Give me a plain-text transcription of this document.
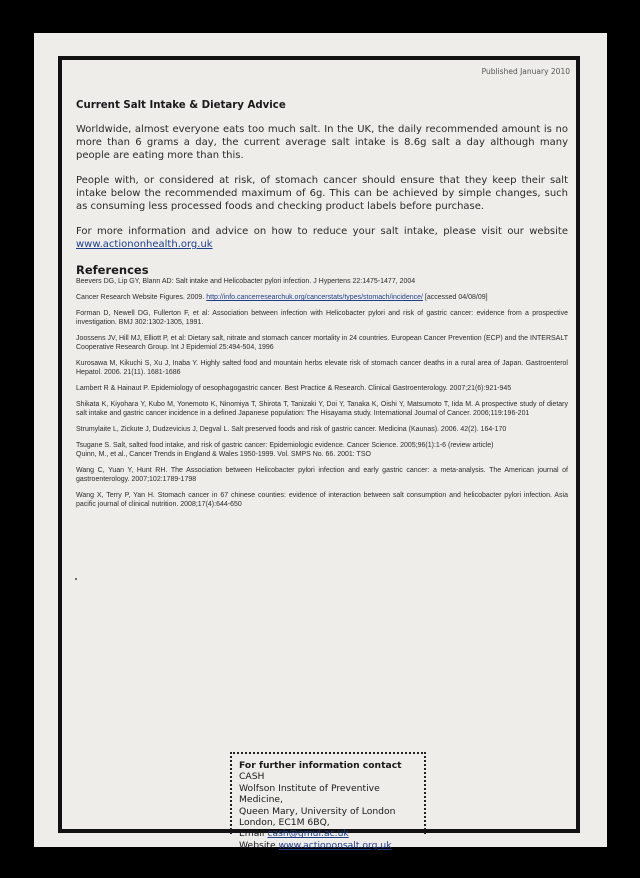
Published January 2010
Current Salt Intake & Dietary Advice

Worldwide, almost everyone eats too much salt. In the UK, the daily recommended amount is no more than 6 grams a day, the current average salt intake is 8.6g salt a day although many people are eating more than this.

People with, or considered at risk, of stomach cancer should ensure that they keep their salt intake below the recommended maximum of 6g. This can be achieved by simple changes, such as consuming less processed foods and checking product labels before purchase.

For more information and advice on how to reduce your salt intake, please visit our website www.actiononhealth.org.uk

References

Beevers DG, Lip GY, Blann AD: Salt intake and Helicobacter pylori infection. J Hypertens 22:1475-1477, 2004

Cancer Research Website Figures. 2009. http://info.cancerresearchuk.org/cancerstats/types/stomach/incidence/ [accessed 04/08/09]

Forman D, Newell DG, Fullerton F, et al: Association between infection with Helicobacter pylori and risk of gastric cancer: evidence from a prospective investigation. BMJ 302:1302-1305, 1991.

Joossens JV, Hill MJ, Elliott P, et al: Dietary salt, nitrate and stomach cancer mortality in 24 countries. European Cancer Prevention (ECP) and the INTERSALT Cooperative Research Group. Int J Epidemiol 25:494-504, 1996

Kurosawa M, Kikuchi S, Xu J, Inaba Y. Highly salted food and mountain herbs elevate risk of stomach cancer deaths in a rural area of Japan. Gastroenterol Hepatol. 2006. 21(11). 1681-1686

Lambert R & Hainaut P. Epidemiology of oesophagogastric cancer. Best Practice & Research. Clinical Gastroenterology. 2007;21(6):921-945

Shikata K, Kiyohara Y, Kubo M, Yonemoto K, Ninomiya T, Shirota T, Tanizaki Y, Doi Y, Tanaka K, Oishi Y, Matsumoto T, Iida M. A prospective study of dietary salt intake and gastric cancer incidence in a defined Japanese population: The Hisayama study. International Journal of Cancer. 2006;119:196-201

Strumylaite L, Zickute J, Dudzevicius J, Degval L. Salt preserved foods and risk of gastric cancer. Medicina (Kaunas). 2006. 42(2). 164-170

Tsugane S. Salt, salted food intake, and risk of gastric cancer: Epidemiologic evidence. Cancer Science. 2005;96(1):1-6 (review article)
Quinn, M., et al., Cancer Trends in England & Wales 1950-1999. Vol. SMPS No. 66. 2001: TSO

Wang C, Yuan Y, Hunt RH. The Association between Helicobacter pylori infection and early gastric cancer: a meta-analysis. The American journal of gastroenterology. 2007;102:1789-1798

Wang X, Terry P, Yan H. Stomach cancer in 67 chinese counties: evidence of interaction between salt consumption and helicobacter pylori infection. Asia pacific journal of clinical nutrition. 2008;17(4):644-650

For further information contact
CASH
Wolfson Institute of Preventive Medicine,
Queen Mary, University of London
London, EC1M 6BQ,
Email cash@qmul.ac.uk
Website www.actiononsalt.org.uk
